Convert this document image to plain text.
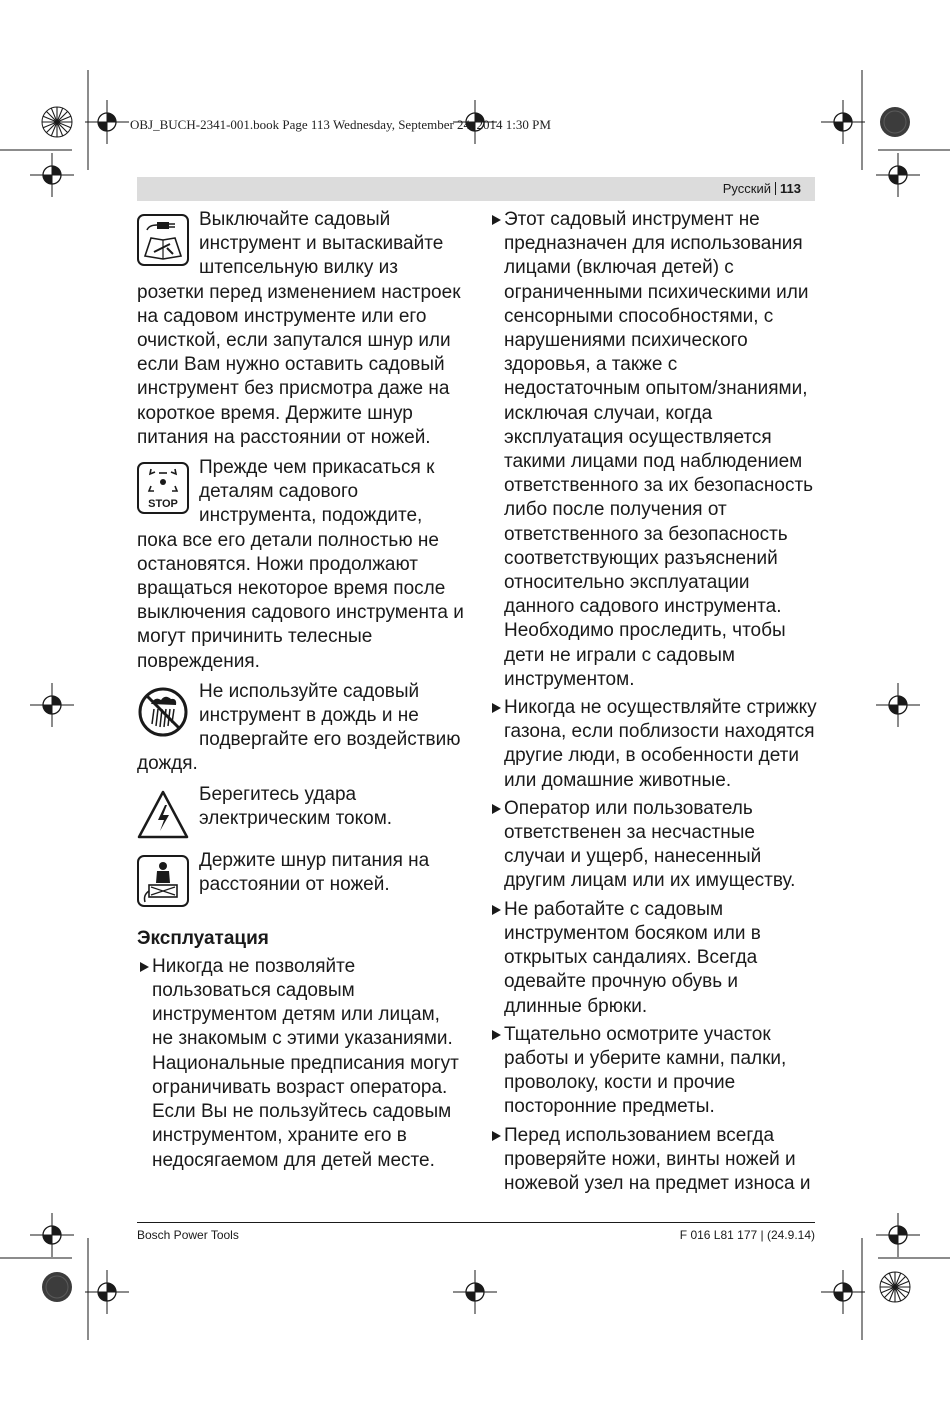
OBJ_BUCH-2341-001.book Page 113 Wednesday, September 24, 2014 1:30 PM
Русский 113

Выключайте садовый инструмент и вытаскивайте штепсельную вилку из розетки перед изменением настроек на садовом инструменте или его очисткой, если запутался шнур или если Вам нужно оставить садовый инструмент без присмотра даже на короткое время. Держите шнур питания на расстоянии от ножей.

STOP

Прежде чем прикасаться к деталям садового инструмента, подождите, пока все его детали полностью не остановятся. Ножи продолжают вращаться некоторое время после выключения садового инструмента и могут причинить телесные повреждения.

Не используйте садовый инструмент в дождь и не подвергайте его воздействию дождя.

Берегитесь удара электрическим током.

Держите шнур питания на расстоянии от ножей.

Эксплуатация

Никогда не позволяйте пользоваться садовым инструментом детям или лицам, не знакомым с этими указаниями. Национальные предписания могут ограничивать возраст оператора. Если Вы не пользуйтесь садовым инструментом, храните его в недосягаемом для детей месте.

Этот садовый инструмент не предназначен для использования лицами (включая детей) с ограниченными психическими или сенсорными способностями, с нарушениями психического здоровья, а также с недостаточным опытом/знаниями, исключая случаи, когда эксплуатация осуществляется такими лицами под наблюдением ответственного за их безопасность либо после получения от ответственного за безопасность соответствующих разъяснений относительно эксплуатации данного садового инструмента.

Необходимо проследить, чтобы дети не играли с садовым инструментом.

Никогда не осуществляйте стрижку газона, если поблизости находятся другие люди, в особенности дети или домашние животные.

Оператор или пользователь ответственен за несчастные случаи и ущерб, нанесенный другим лицам или их имуществу.

Не работайте с садовым инструментом босяком или в открытых сандалиях. Всегда одевайте прочную обувь и длинные брюки.

Тщательно осмотрите участок работы и уберите камни, палки, проволоку, кости и прочие посторонние предметы.

Перед использованием всегда проверяйте ножи, винты ножей и ножевой узел на предмет износа и

Bosch Power Tools	F 016 L81 177 | (24.9.14)
